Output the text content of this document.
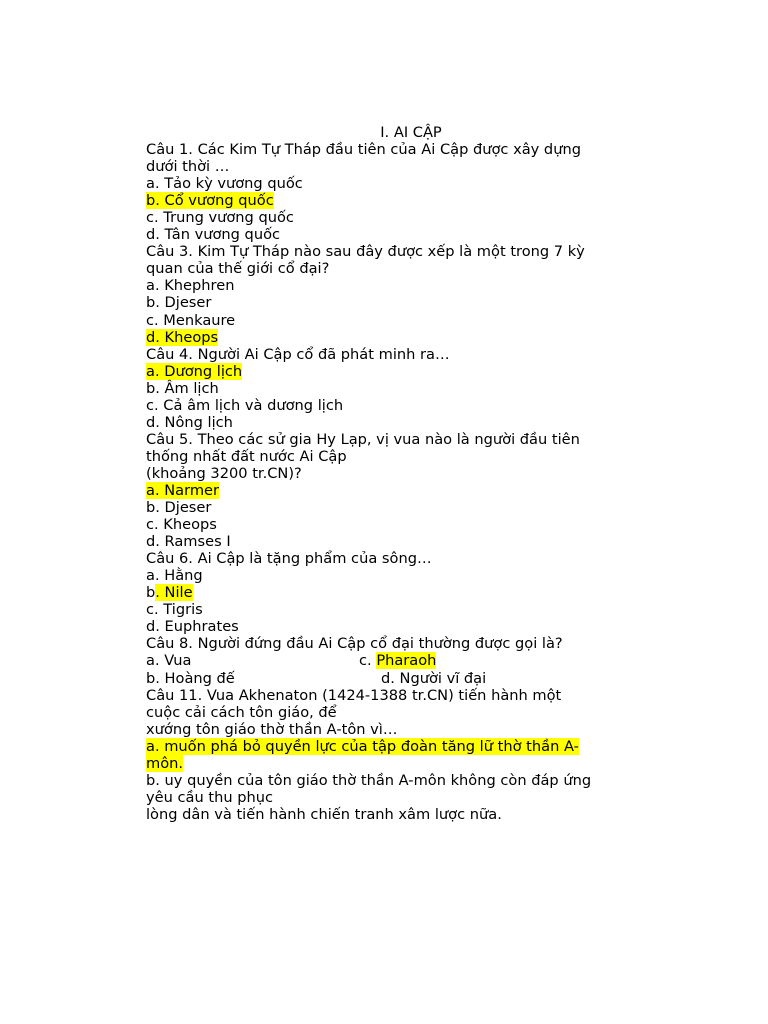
I. AI CẬP
Câu 1. Các Kim Tự Tháp đầu tiên của Ai Cập được xây dựng
dưới thời …
a. Tảo kỳ vương quốc
b. Cổ vương quốc
c. Trung vương quốc
d. Tân vương quốc
Câu 3. Kim Tự Tháp nào sau đây được xếp là một trong 7 kỳ
quan của thế giới cổ đại?
a. Khephren
b. Djeser
c. Menkaure
d. Kheops
Câu 4. Người Ai Cập cổ đã phát minh ra…
a. Dương lịch
b. Âm lịch
c. Cả âm lịch và dương lịch
d. Nông lịch
Câu 5. Theo các sử gia Hy Lạp, vị vua nào là người đầu tiên
thống nhất đất nước Ai Cập
(khoảng 3200 tr.CN)?
a. Narmer
b. Djeser
c. Kheops
d. Ramses I
Câu 6. Ai Cập là tặng phẩm của sông…
a. Hằng
b. Nile
c. Tigris
d. Euphrates
Câu 8. Người đứng đầu Ai Cập cổ đại thường được gọi là?
a. Vua	c. Pharaoh
b. Hoàng đế	d. Người vĩ đại
Câu 11. Vua Akhenaton (1424-1388 tr.CN) tiến hành một
cuộc cải cách tôn giáo, để
xướng tôn giáo thờ thần A-tôn vì…
a. muốn phá bỏ quyền lực của tập đoàn tăng lữ thờ thần A-
môn.
b. uy quyền của tôn giáo thờ thần A-môn không còn đáp ứng
yêu cầu thu phục
lòng dân và tiến hành chiến tranh xâm lược nữa.
